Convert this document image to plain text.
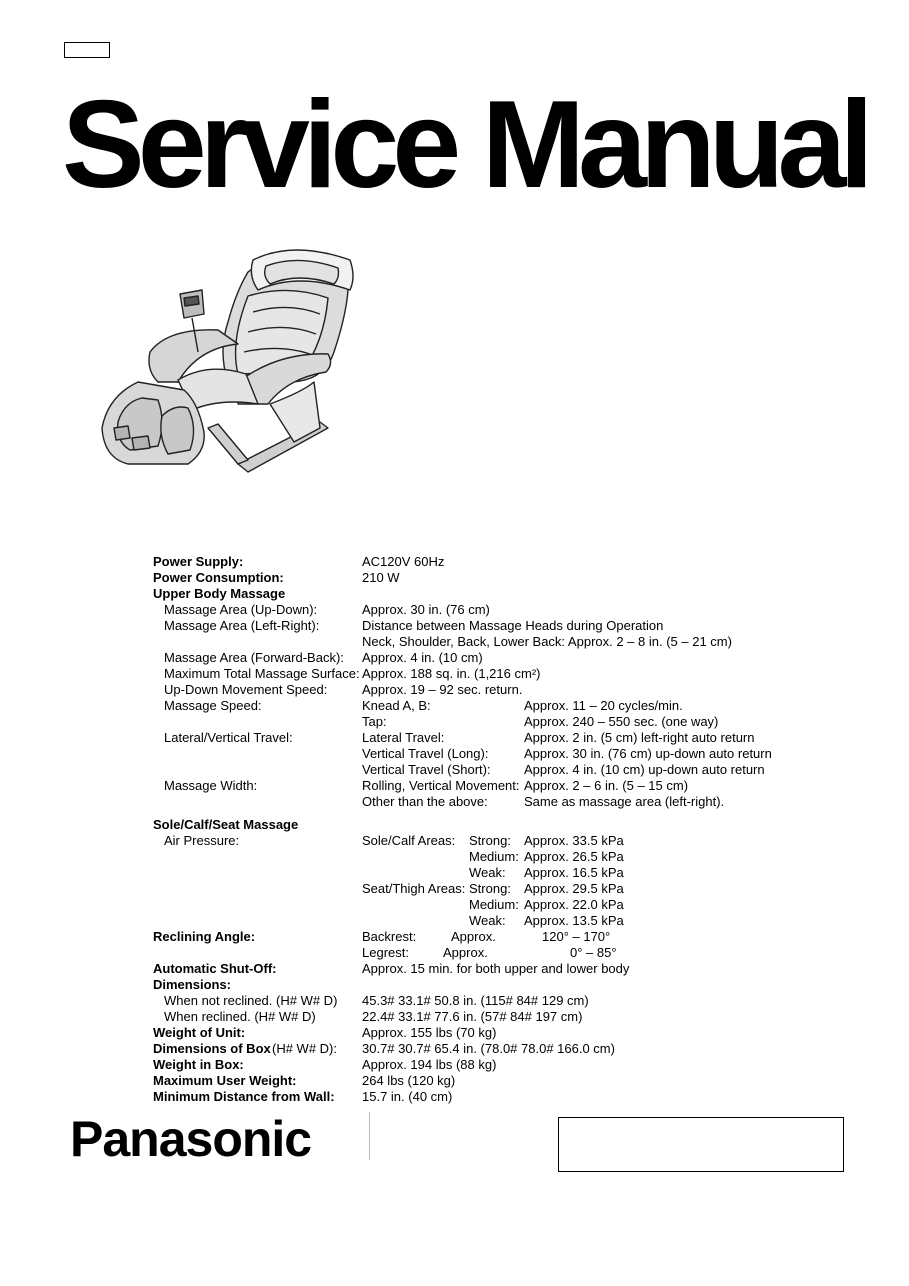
Service Manual
Power Supply:	AC120V 60Hz
Power Consumption:	210 W
Upper Body Massage
Massage Area (Up-Down):	Approx. 30 in. (76 cm)
Massage Area (Left-Right):	Distance between Massage Heads during Operation
Neck, Shoulder, Back, Lower Back: Approx. 2 – 8 in. (5 – 21 cm)
Massage Area (Forward-Back): Approx. 4 in. (10 cm)
Maximum Total Massage Surface: Approx. 188 sq. in. (1,216 cm²)
Up-Down Movement Speed:	Approx. 19 – 92 sec. return.
Massage Speed:	Knead A, B:	Approx. 11 – 20 cycles/min.
Tap:	Approx. 240 – 550 sec. (one way)
Lateral/Vertical Travel:	Lateral Travel:	Approx. 2 in. (5 cm) left-right auto return
Vertical Travel (Long):	Approx. 30 in. (76 cm) up-down auto return
Vertical Travel (Short):	Approx. 4 in. (10 cm) up-down auto return
Massage Width:	Rolling, Vertical Movement: Approx. 2 – 6 in. (5 – 15 cm)
Other than the above:	Same as massage area (left-right).
Sole/Calf/Seat Massage
Air Pressure:	Sole/Calf Areas: Strong: Approx. 33.5 kPa
Medium: Approx. 26.5 kPa
Weak: Approx. 16.5 kPa
Seat/Thigh Areas: Strong: Approx. 29.5 kPa
Medium: Approx. 22.0 kPa
Weak: Approx. 13.5 kPa
Reclining Angle:	Backrest:	Approx.	120° – 170°
Legrest:	Approx.	0° – 85°
Automatic Shut-Off:	Approx. 15 min. for both upper and lower body
Dimensions:
When not reclined. (H# W# D) 45.3# 33.1# 50.8 in. (115# 84# 129 cm)
When reclined. (H# W# D)	22.4# 33.1# 77.6 in. (57# 84# 197 cm)
Weight of Unit:	Approx. 155 lbs (70 kg)
Dimensions of Box (H# W# D): 30.7# 30.7# 65.4 in. (78.0# 78.0# 166.0 cm)
Weight in Box:	Approx. 194 lbs (88 kg)
Maximum User Weight:	264 lbs (120 kg)
Minimum Distance from Wall: 15.7 in. (40 cm)
Panasonic
